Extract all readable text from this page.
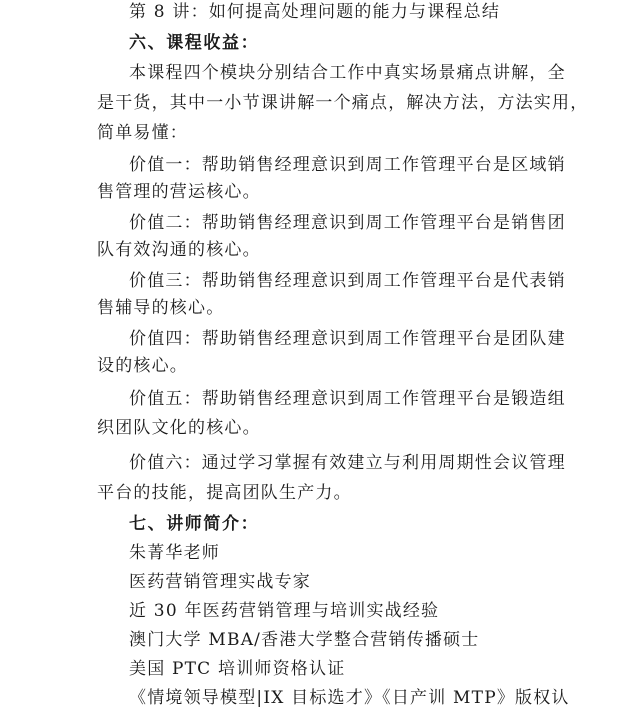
第 8 讲：如何提高处理问题的能力与课程总结
六、课程收益：
本课程四个模块分别结合工作中真实场景痛点讲解，全
是干货，其中一小节课讲解一个痛点，解决方法，方法实用，
简单易懂：
价值一：帮助销售经理意识到周工作管理平台是区域销
售管理的营运核心。
价值二：帮助销售经理意识到周工作管理平台是销售团
队有效沟通的核心。
价值三：帮助销售经理意识到周工作管理平台是代表销
售辅导的核心。
价值四：帮助销售经理意识到周工作管理平台是团队建
设的核心。
价值五：帮助销售经理意识到周工作管理平台是锻造组
织团队文化的核心。
价值六：通过学习掌握有效建立与利用周期性会议管理
平台的技能，提高团队生产力。
七、讲师简介：
朱菁华老师
医药营销管理实战专家
近 30 年医药营销管理与培训实战经验
澳门大学 MBA/香港大学整合营销传播硕士
美国 PTC 培训师资格认证
《情境领导模型|IX 目标选才》《日产训 MTP》版权认
